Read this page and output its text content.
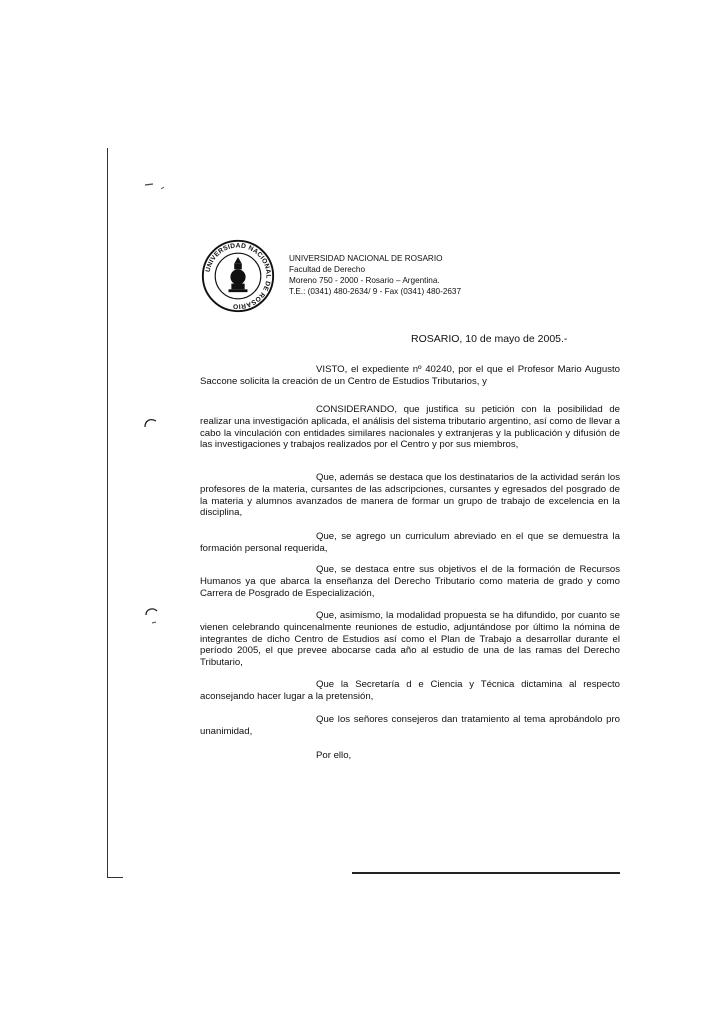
UNIVERSIDAD NACIONAL DE ROSARIO
UNIVERSIDAD NACIONAL DE ROSARIO
Facultad de Derecho
Moreno 750 - 2000 - Rosario – Argentina.
T.E.: (0341) 480-2634/ 9 - Fax (0341) 480-2637
ROSARIO, 10 de mayo de 2005.-

VISTO, el expediente nº 40240, por el que el Profesor Mario Augusto Saccone solicita la creación de un Centro de Estudios Tributarios, y

CONSIDERANDO, que justifica su petición con la posibilidad de realizar una investigación aplicada, el análisis del sistema tributario argentino, así como de llevar a cabo la vinculación con entidades similares nacionales y extranjeras y la publicación y difusión de las investigaciones y trabajos realizados por el Centro y por sus miembros,

Que, además se destaca que los destinatarios de la actividad serán los profesores de la materia, cursantes de las adscripciones, cursantes y egresados del posgrado de la materia y alumnos avanzados de manera de formar un grupo de trabajo de excelencia en la disciplina,

Que, se agrego un curriculum abreviado en el que se demuestra la formación personal requerida,

Que, se destaca entre sus objetivos el de la formación de Recursos Humanos ya que abarca la enseñanza del Derecho Tributario como materia de grado y como Carrera de Posgrado de Especialización,

Que, asimismo, la modalidad propuesta se ha difundido, por cuanto se vienen celebrando quincenalmente reuniones de estudio, adjuntándose por último la nómina de integrantes de dicho Centro de Estudios así como el Plan de Trabajo a desarrollar durante el período 2005, el que prevee abocarse cada año al estudio de una de las ramas del Derecho Tributario,

Que la Secretaría d e Ciencia y Técnica dictamina al respecto aconsejando hacer lugar a la pretensión,

Que los señores consejeros dan tratamiento al tema aprobándolo pro unanimidad,

Por ello,
